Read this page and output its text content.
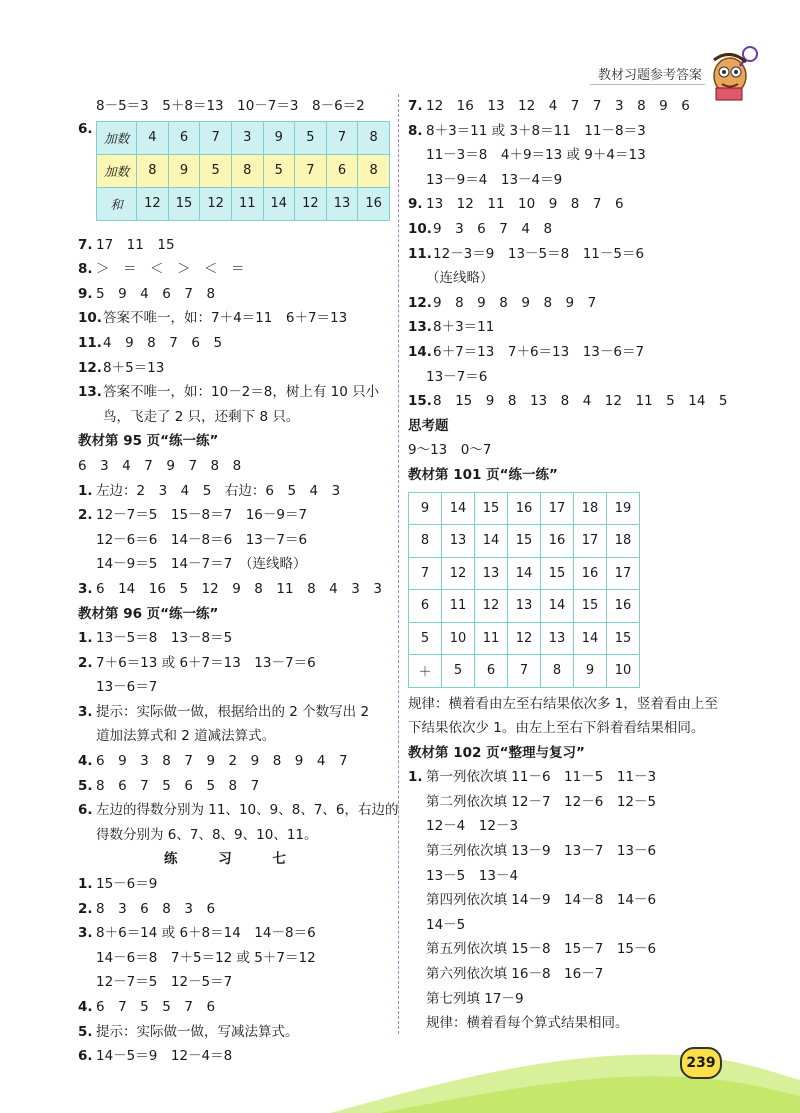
教材习题参考答案
8－5＝3　5＋8＝13　10－7＝3　8－6＝2
6.
加数	4	6	7	3	9	5	7	8
加数	8	9	5	8	5	7	6	8
和	12	15	12	11	14	12	13	16
7. 17　11　15
8. ＞　＝　＜　＞　＜　＝
9. 5　9　4　6　7　8
10.答案不唯一，如：7＋4＝11　6＋7＝13
11.4　9　8　7　6　5
12.8＋5＝13
13.答案不唯一，如：10－2＝8，树上有 10 只小
鸟，飞走了 2 只，还剩下 8 只。
教材第 95 页“练一练”
6　3　4　7　9　7　8　8
1. 左边：2　3　4　5　右边：6　5　4　3
2. 12－7＝5　15－8＝7　16－9＝7
12－6＝6　14－8＝6　13－7＝6
14－9＝5　14－7＝7　（连线略）
3. 6　14　16　5　12　9　8　11　8　4　3　3
教材第 96 页“练一练”
1. 13－5＝8　13－8＝5
2. 7＋6＝13 或 6＋7＝13　13－7＝6
13－6＝7
3. 提示：实际做一做，根据给出的 2 个数写出 2
道加法算式和 2 道减法算式。
4. 6　9　3　8　7　9　2　9　8　9　4　7
5. 8　6　7　5　6　5　8　7
6. 左边的得数分别为 11、10、9、8、7、6，右边的
得数分别为 6、7、8、9、10、11。
练 习 七
1. 15－6＝9
2. 8　3　6　8　3　6
3. 8＋6＝14 或 6＋8＝14　14－8＝6
14－6＝8　7＋5＝12 或 5＋7＝12
12－7＝5　12－5＝7
4. 6　7　5　5　7　6
5. 提示：实际做一做，写减法算式。
6. 14－5＝9　12－4＝8
7. 12　16　13　12　4　7　7　3　8　9　6
8. 8＋3＝11 或 3＋8＝11　11－8＝3
11－3＝8　4＋9＝13 或 9＋4＝13
13－9＝4　13－4＝9
9. 13　12　11　10　9　8　7　6
10.9　3　6　7　4　8
11.12－3＝9　13－5＝8　11－5＝6
（连线略）
12.9　8　9　8　9　8　9　7
13.8＋3＝11
14.6＋7＝13　7＋6＝13　13－6＝7
13－7＝6
15.8　15　9　8　13　8　4　12　11　5　14　5
思考题
9～13　0～7
教材第 101 页“练一练”
9	14	15	16	17	18	19
8	13	14	15	16	17	18
7	12	13	14	15	16	17
6	11	12	13	14	15	16
5	10	11	12	13	14	15
＋	5	6	7	8	9	10
规律：横着看由左至右结果依次多 1，竖着看由上至下结果依次少 1。由左上至右下斜着看结果相同。
教材第 102 页“整理与复习”
1. 第一列依次填 11－6　11－5　11－3
第二列依次填 12－7　12－6　12－5
12－4　12－3
第三列依次填 13－9　13－7　13－6
13－5　13－4
第四列依次填 14－9　14－8　14－6
14－5
第五列依次填 15－8　15－7　15－6
第六列依次填 16－8　16－7
第七列填 17－9
规律：横着看每个算式结果相同。
239
